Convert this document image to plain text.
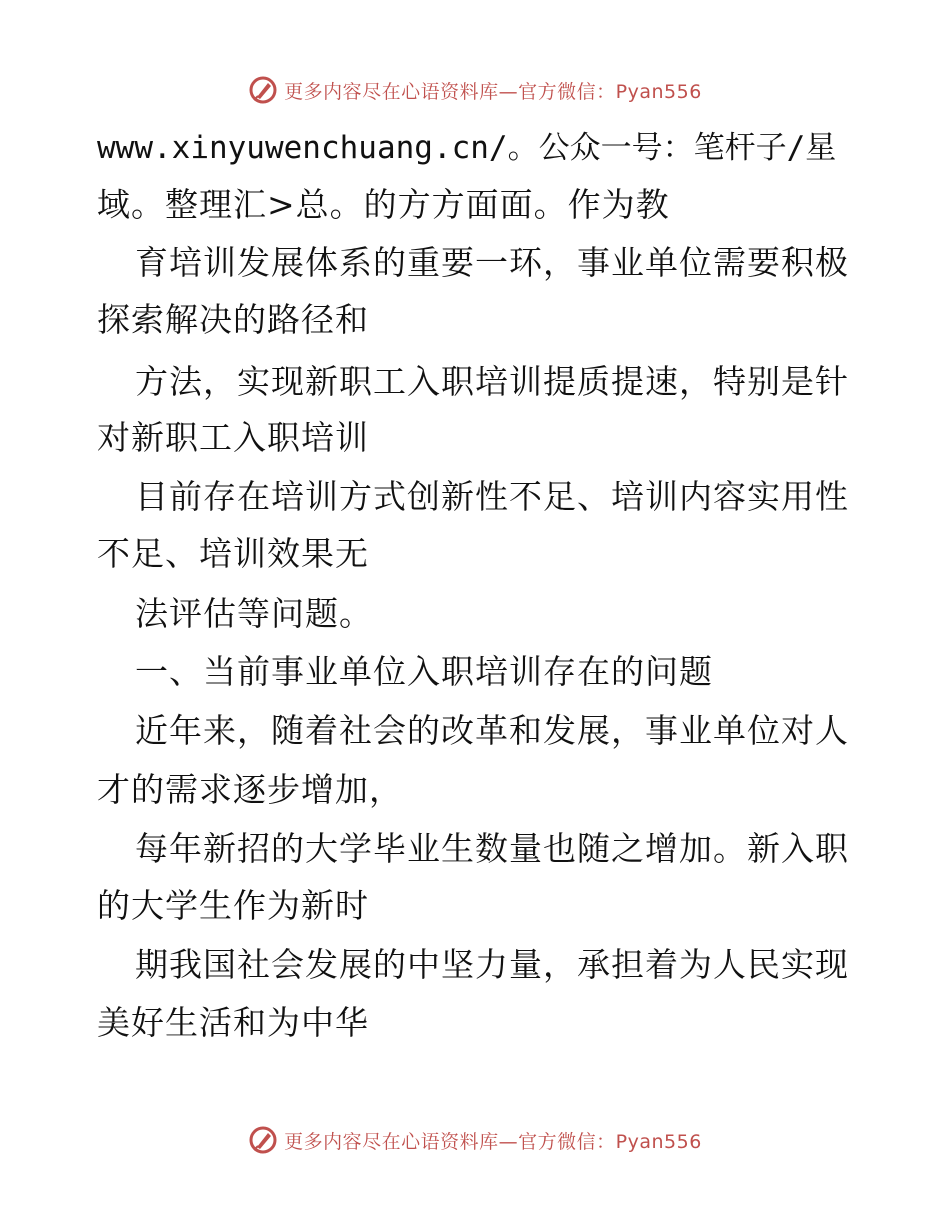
更多内容尽在心语资料库—官方微信：Pyan556
www.xinyuwenchuang.cn/。公众一号：笔杆子/星
域。整理汇>总。的方方面面。作为教
育培训发展体系的重要一环，事业单位需要积极
探索解决的路径和
方法，实现新职工入职培训提质提速，特别是针
对新职工入职培训
目前存在培训方式创新性不足、培训内容实用性
不足、培训效果无
法评估等问题。
一、当前事业单位入职培训存在的问题
近年来，随着社会的改革和发展，事业单位对人
才的需求逐步增加，
每年新招的大学毕业生数量也随之增加。新入职
的大学生作为新时
期我国社会发展的中坚力量，承担着为人民实现
美好生活和为中华
更多内容尽在心语资料库—官方微信：Pyan556
